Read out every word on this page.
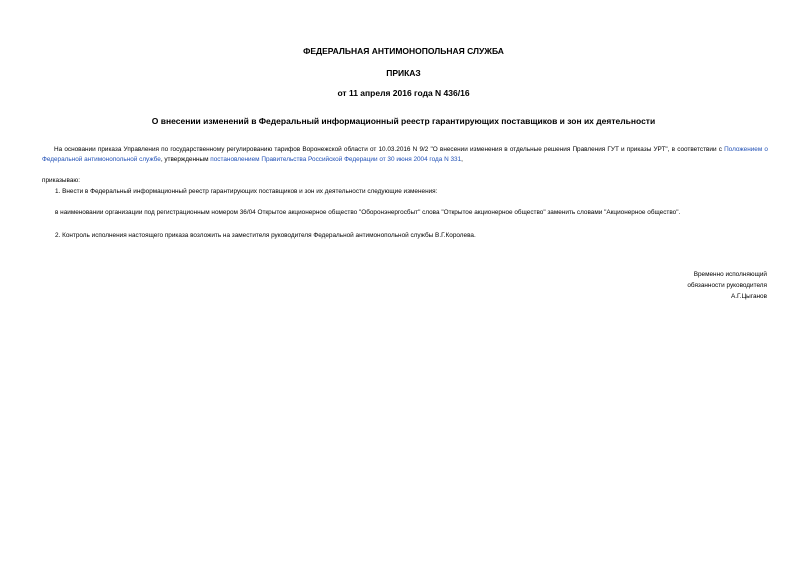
ФЕДЕРАЛЬНАЯ АНТИМОНОПОЛЬНАЯ СЛУЖБА
ПРИКАЗ
от 11 апреля 2016 года N 436/16
О внесении изменений в Федеральный информационный реестр гарантирующих поставщиков и зон их деятельности
На основании приказа Управления по государственному регулированию тарифов Воронежской области от 10.03.2016 N 9/2 "О внесении изменения в отдельные решения Правления ГУТ и приказы УРТ", в соответствии с Положением о Федеральной антимонопольной службе, утвержденным постановлением Правительства Российской Федерации от 30 июня 2004 года N 331,
приказываю:
1. Внести в Федеральный информационный реестр гарантирующих поставщиков и зон их деятельности следующие изменения:
в наименовании организации под регистрационным номером 36/04 Открытое акционерное общество "Оборонэнергосбыт" слова "Открытое акционерное общество" заменить словами "Акционерное общество".
2. Контроль исполнения настоящего приказа возложить на заместителя руководителя Федеральной антимонопольной службы В.Г.Королева.
Временно исполняющий
обязанности руководителя
А.Г.Цыганов
